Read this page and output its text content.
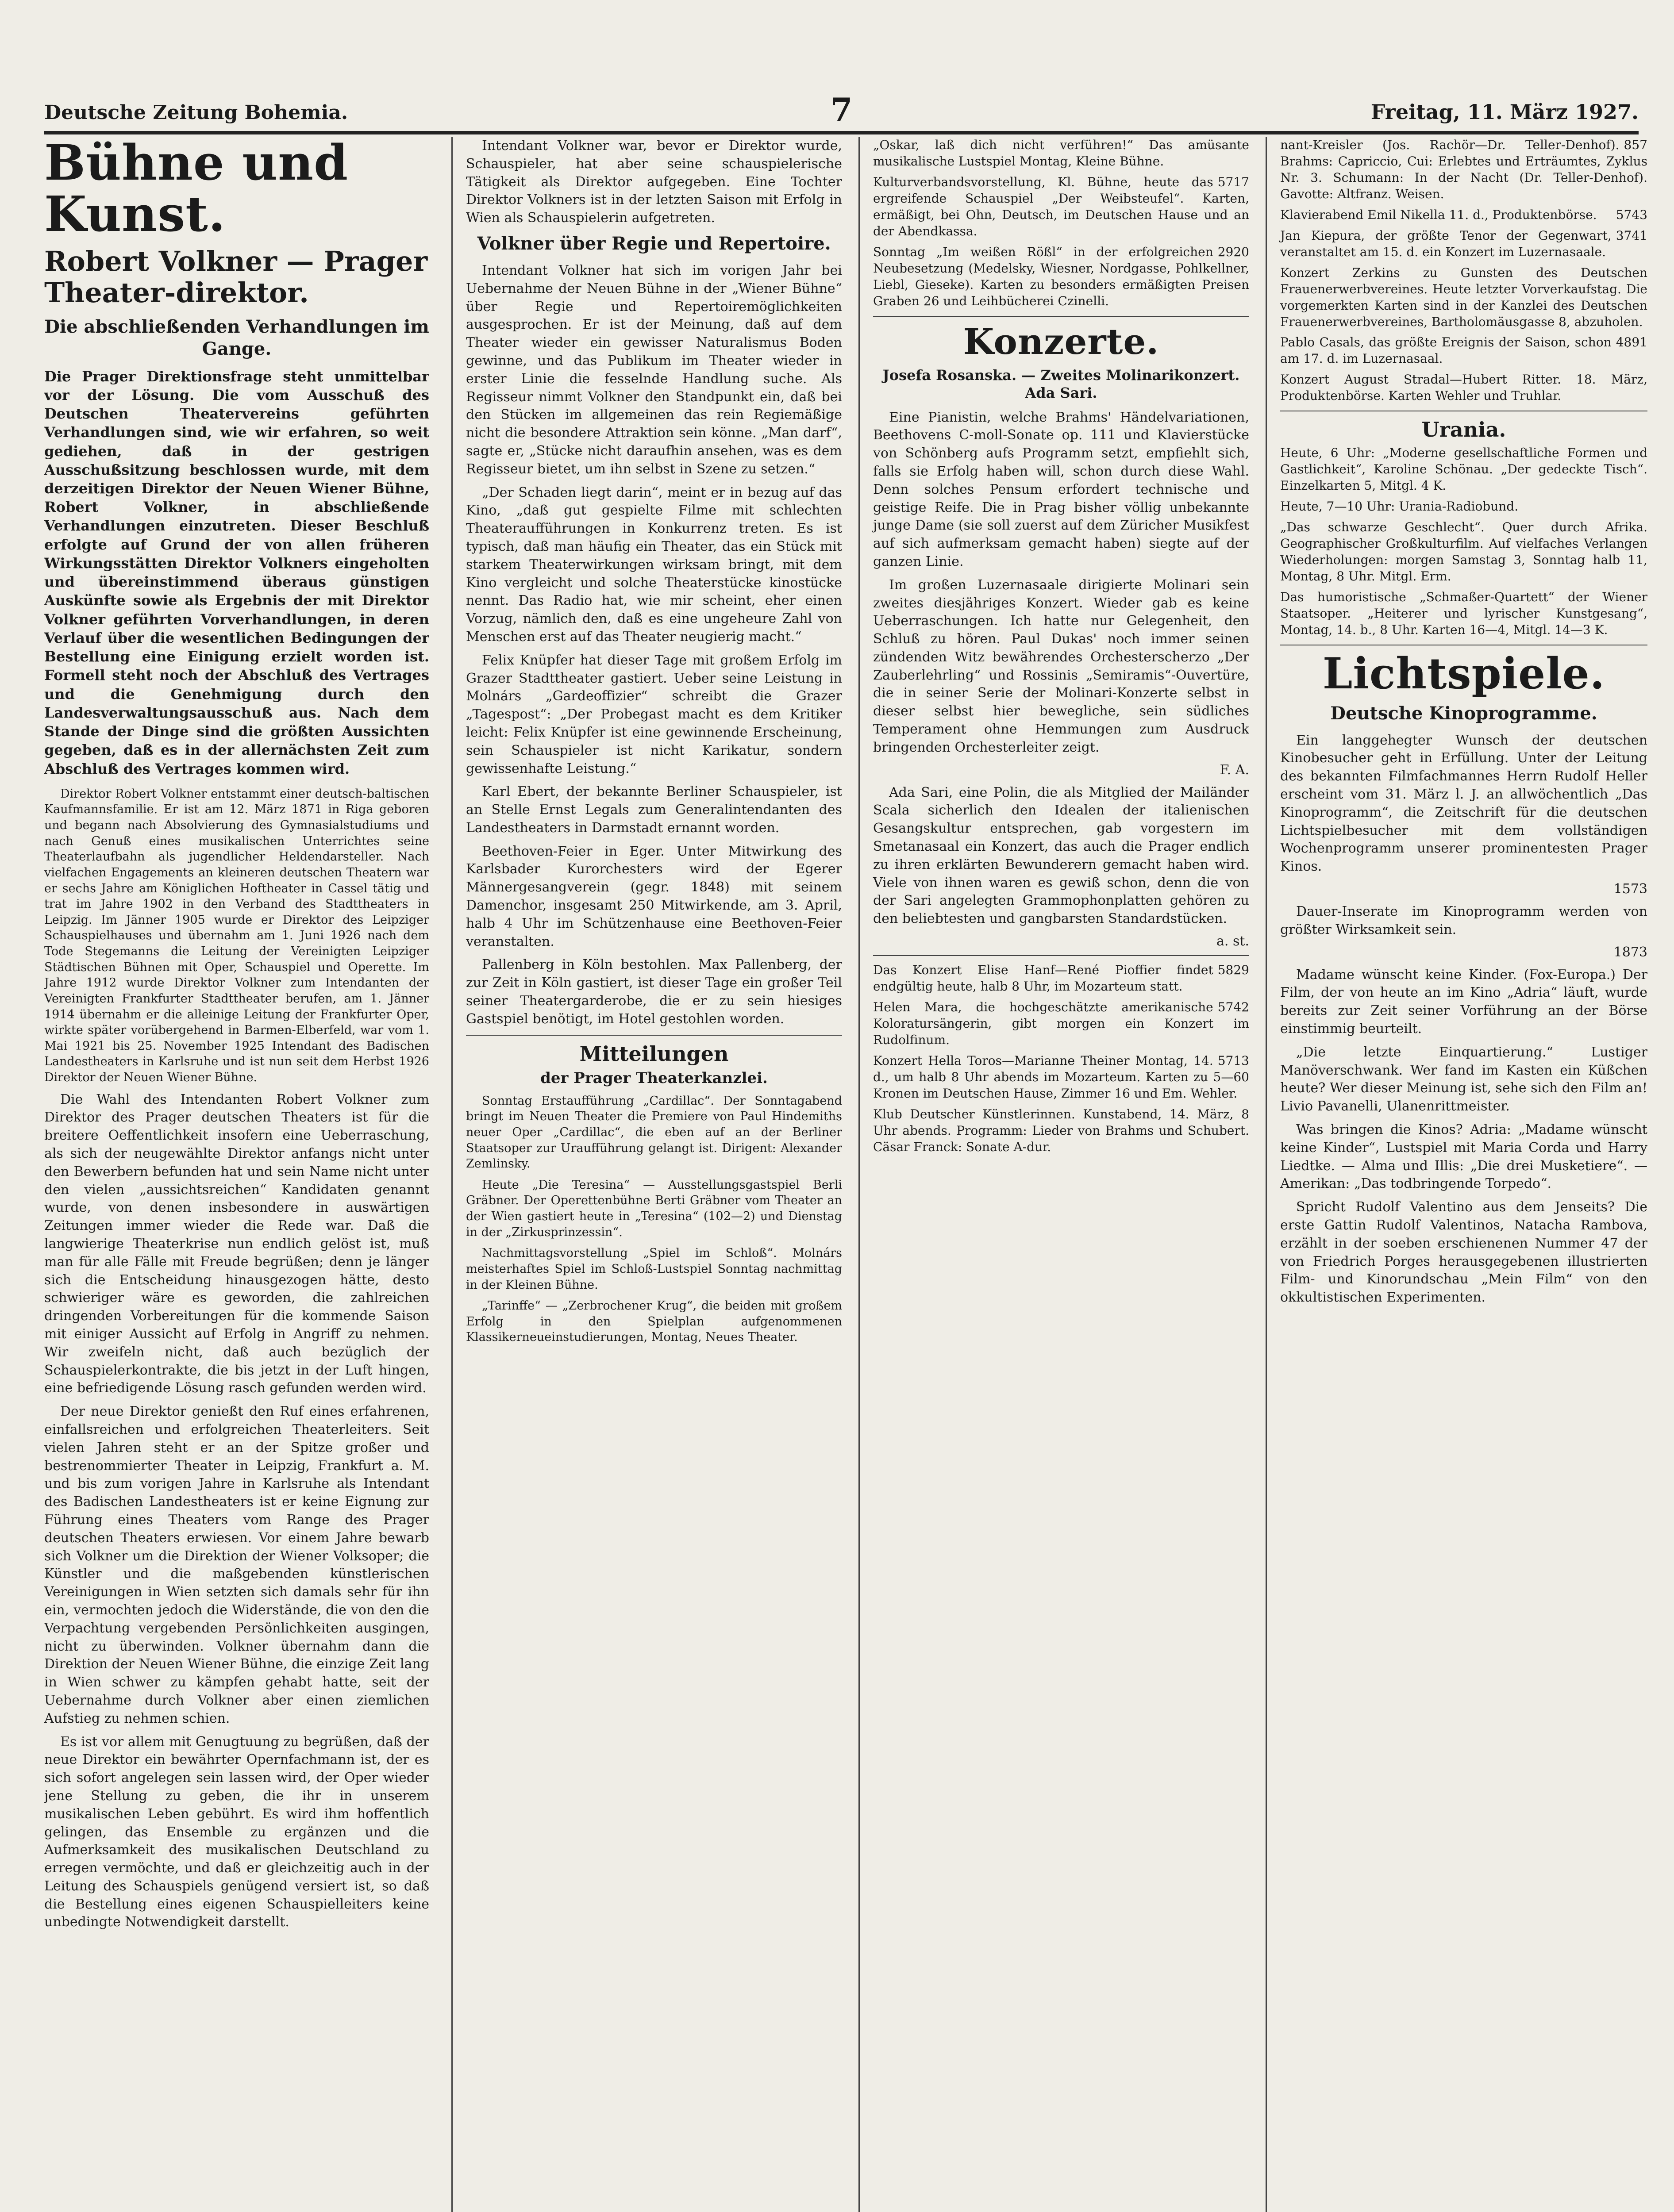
Deutsche Zeitung Bohemia.	7	Freitag, 11. März 1927.
Bühne und Kunst.
Robert Volkner — Prager Theater-direktor.
Die abschließenden Verhandlungen im Gange.
Die Prager Direktionsfrage steht unmittelbar vor der Lösung. Die vom Ausschuß des Deutschen Theatervereins geführten Verhandlungen sind, wie wir erfahren, so weit gediehen, daß in der gestrigen Ausschußsitzung beschlossen wurde, mit dem derzeitigen Direktor der Neuen Wiener Bühne, Robert Volkner, in abschließende Verhandlungen einzutreten. Dieser Beschluß erfolgte auf Grund der von allen früheren Wirkungsstätten Direktor Volkners eingeholten und übereinstimmend überaus günstigen Auskünfte sowie als Ergebnis der mit Direktor Volkner geführten Vorverhandlungen, in deren Verlauf über die wesentlichen Bedingungen der Bestellung eine Einigung erzielt worden ist. Formell steht noch der Abschluß des Vertrages und die Genehmigung durch den Landesverwaltungsausschuß aus. Nach dem Stande der Dinge sind die größten Aussichten gegeben, daß es in der allernächsten Zeit zum Abschluß des Vertrages kommen wird.
Direktor Robert Volkner entstammt einer deutsch-baltischen Kaufmannsfamilie. Er ist am 12. März 1871 in Riga geboren und begann nach Absolvierung des Gymnasialstudiums und nach Genuß eines musikalischen Unterrichtes seine Theaterlaufbahn als jugendlicher Heldendarsteller. Nach vielfachen Engagements an kleineren deutschen Theatern war er sechs Jahre am Königlichen Hoftheater in Cassel tätig und trat im Jahre 1902 in den Verband des Stadttheaters in Leipzig. Im Jänner 1905 wurde er Direktor des Leipziger Schauspielhauses und übernahm am 1. Juni 1926 nach dem Tode Stegemanns die Leitung der Vereinigten Leipziger Städtischen Bühnen mit Oper, Schauspiel und Operette. Im Jahre 1912 wurde Direktor Volkner zum Intendanten der Vereinigten Frankfurter Stadttheater berufen, am 1. Jänner 1914 übernahm er die alleinige Leitung der Frankfurter Oper, wirkte später vorübergehend in Barmen-Elberfeld, war vom 1. Mai 1921 bis 25. November 1925 Intendant des Badischen Landestheaters in Karlsruhe und ist nun seit dem Herbst 1926 Direktor der Neuen Wiener Bühne.
Die Wahl des Intendanten Robert Volkner zum Direktor des Prager deutschen Theaters ist für die breitere Oeffentlichkeit insofern eine Ueberraschung, als sich der neugewählte Direktor anfangs nicht unter den Bewerbern befunden hat und sein Name nicht unter den vielen „aussichtsreichen“ Kandidaten genannt wurde, von denen insbesondere in auswärtigen Zeitungen immer wieder die Rede war. Daß die langwierige Theaterkrise nun endlich gelöst ist, muß man für alle Fälle mit Freude begrüßen; denn je länger sich die Entscheidung hinausgezogen hätte, desto schwieriger wäre es geworden, die zahlreichen dringenden Vorbereitungen für die kommende Saison mit einiger Aussicht auf Erfolg in Angriff zu nehmen. Wir zweifeln nicht, daß auch bezüglich der Schauspielerkontrakte, die bis jetzt in der Luft hingen, eine befriedigende Lösung rasch gefunden werden wird.
Der neue Direktor genießt den Ruf eines erfahrenen, einfallsreichen und erfolgreichen Theaterleiters. Seit vielen Jahren steht er an der Spitze großer und bestrenommierter Theater in Leipzig, Frankfurt a. M. und bis zum vorigen Jahre in Karlsruhe als Intendant des Badischen Landestheaters ist er keine Eignung zur Führung eines Theaters vom Range des Prager deutschen Theaters erwiesen. Vor einem Jahre bewarb sich Volkner um die Direktion der Wiener Volksoper; die Künstler und die maßgebenden künstlerischen Vereinigungen in Wien setzten sich damals sehr für ihn ein, vermochten jedoch die Widerstände, die von den die Verpachtung vergebenden Persönlichkeiten ausgingen, nicht zu überwinden. Volkner übernahm dann die Direktion der Neuen Wiener Bühne, die einzige Zeit lang in Wien schwer zu kämpfen gehabt hatte, seit der Uebernahme durch Volkner aber einen ziemlichen Aufstieg zu nehmen schien.
Es ist vor allem mit Genugtuung zu begrüßen, daß der neue Direktor ein bewährter Opernfachmann ist, der es sich sofort angelegen sein lassen wird, der Oper wieder jene Stellung zu geben, die ihr in unserem musikalischen Leben gebührt. Es wird ihm hoffentlich gelingen, das Ensemble zu ergänzen und die Aufmerksamkeit des musikalischen Deutschland zu erregen vermöchte, und daß er gleichzeitig auch in der Leitung des Schauspiels genügend versiert ist, so daß die Bestellung eines eigenen Schauspielleiters keine unbedingte Notwendigkeit darstellt.
Intendant Volkner war, bevor er Direktor wurde, Schauspieler, hat aber seine schauspielerische Tätigkeit als Direktor aufgegeben. Eine Tochter Direktor Volkners ist in der letzten Saison mit Erfolg in Wien als Schauspielerin aufgetreten.
Volkner über Regie und Repertoire.
Intendant Volkner hat sich im vorigen Jahr bei Uebernahme der Neuen Bühne in der „Wiener Bühne“ über Regie und Repertoiremöglichkeiten ausgesprochen. Er ist der Meinung, daß auf dem Theater wieder ein gewisser Naturalismus Boden gewinne, und das Publikum im Theater wieder in erster Linie die fesselnde Handlung suche. Als Regisseur nimmt Volkner den Standpunkt ein, daß bei den Stücken im allgemeinen das rein Regiemäßige nicht die besondere Attraktion sein könne. „Man darf“, sagte er, „Stücke nicht daraufhin ansehen, was es dem Regisseur bietet, um ihn selbst in Szene zu setzen.“
„Der Schaden liegt darin“, meint er in bezug auf das Kino, „daß gut gespielte Filme mit schlechten Theateraufführungen in Konkurrenz treten. Es ist typisch, daß man häufig ein Theater, das ein Stück mit starkem Theaterwirkungen wirksam bringt, mit dem Kino vergleicht und solche Theaterstücke kinostücke nennt. Das Radio hat, wie mir scheint, eher einen Vorzug, nämlich den, daß es eine ungeheure Zahl von Menschen erst auf das Theater neugierig macht.“
Felix Knüpfer hat dieser Tage mit großem Erfolg im Grazer Stadttheater gastiert. Ueber seine Leistung in Molnárs „Gardeoffizier“ schreibt die Grazer „Tagespost“: „Der Probegast macht es dem Kritiker leicht: Felix Knüpfer ist eine gewinnende Erscheinung, sein Schauspieler ist nicht Karikatur, sondern gewissenhafte Leistung.“
Karl Ebert, der bekannte Berliner Schauspieler, ist an Stelle Ernst Legals zum Generalintendanten des Landestheaters in Darmstadt ernannt worden.
Beethoven-Feier in Eger. Unter Mitwirkung des Karlsbader Kurorchesters wird der Egerer Männergesangverein (gegr. 1848) mit seinem Damenchor, insgesamt 250 Mitwirkende, am 3. April, halb 4 Uhr im Schützenhause eine Beethoven-Feier veranstalten.
Pallenberg in Köln bestohlen. Max Pallenberg, der zur Zeit in Köln gastiert, ist dieser Tage ein großer Teil seiner Theatergarderobe, die er zu sein hiesiges Gastspiel benötigt, im Hotel gestohlen worden.
Mitteilungen
der Prager Theaterkanzlei.
Sonntag Erstaufführung „Cardillac“. Der Sonntagabend bringt im Neuen Theater die Premiere von Paul Hindemiths neuer Oper „Cardillac“, die eben auf an der Berliner Staatsoper zur Uraufführung gelangt ist. Dirigent: Alexander Zemlinsky.
Heute „Die Teresina“ — Ausstellungsgastspiel Berli Gräbner. Der Operettenbühne Berti Gräbner vom Theater an der Wien gastiert heute in „Teresina“ (102—2) und Dienstag in der „Zirkusprinzessin“.
Nachmittagsvorstellung „Spiel im Schloß“. Molnárs meisterhaftes Spiel im Schloß-Lustspiel Sonntag nachmittag in der Kleinen Bühne.
„Tarinffe“ — „Zerbrochener Krug“, die beiden mit großem Erfolg in den Spielplan aufgenommenen Klassikerneueinstudierungen, Montag, Neues Theater.
„Oskar, laß dich nicht verführen!“ Das amüsante musikalische Lustspiel Montag, Kleine Bühne.
5717
Kulturverbandsvorstellung, Kl. Bühne, heute das ergreifende Schauspiel „Der Weibsteufel“. Karten, ermäßigt, bei Ohn, Deutsch, im Deutschen Hause und an der Abendkassa.
2920
Sonntag „Im weißen Rößl“ in der erfolgreichen Neubesetzung (Medelsky, Wiesner, Nordgasse, Pohlkellner, Liebl, Gieseke). Karten zu besonders ermäßigten Preisen Graben 26 und Leihbücherei Czinelli.
Konzerte.
Josefa Rosanska. — Zweites Molinarikonzert. Ada Sari.
Eine Pianistin, welche Brahms' Händelvariationen, Beethovens C-moll-Sonate op. 111 und Klavierstücke von Schönberg aufs Programm setzt, empfiehlt sich, falls sie Erfolg haben will, schon durch diese Wahl. Denn solches Pensum erfordert technische und geistige Reife. Die in Prag bisher völlig unbekannte junge Dame (sie soll zuerst auf dem Züricher Musikfest auf sich aufmerksam gemacht haben) siegte auf der ganzen Linie.
Im großen Luzernasaale dirigierte Molinari sein zweites diesjähriges Konzert. Wieder gab es keine Ueberraschungen. Ich hatte nur Gelegenheit, den Schluß zu hören. Paul Dukas' noch immer seinen zündenden Witz bewährendes Orchesterscherzo „Der Zauberlehrling“ und Rossinis „Semiramis“-Ouvertüre, die in seiner Serie der Molinari-Konzerte selbst in dieser selbst hier bewegliche, sein südliches Temperament ohne Hemmungen zum Ausdruck bringenden Orchesterleiter zeigt.
F. A.
Ada Sari, eine Polin, die als Mitglied der Mailänder Scala sicherlich den Idealen der italienischen Gesangskultur entsprechen, gab vorgestern im Smetanasaal ein Konzert, das auch die Prager endlich zu ihren erklärten Bewunderern gemacht haben wird. Viele von ihnen waren es gewiß schon, denn die von der Sari angelegten Grammophonplatten gehören zu den beliebtesten und gangbarsten Standardstücken.
a. st.
5829
Das Konzert Elise Hanf—René Pioffier findet endgültig heute, halb 8 Uhr, im Mozarteum statt.
5742
Helen Mara, die hochgeschätzte amerikanische Koloratursängerin, gibt morgen ein Konzert im Rudolfinum.
5713
Konzert Hella Toros—Marianne Theiner Montag, 14. d., um halb 8 Uhr abends im Mozarteum. Karten zu 5—60 Kronen im Deutschen Hause, Zimmer 16 und Em. Wehler.
Klub Deutscher Künstlerinnen. Kunstabend, 14. März, 8 Uhr abends. Programm: Lieder von Brahms und Schubert. Cäsar Franck: Sonate A-dur.
857
nant-Kreisler (Jos. Rachör—Dr. Teller-Denhof). Brahms: Capriccio, Cui: Erlebtes und Erträumtes, Zyklus Nr. 3. Schumann: In der Nacht (Dr. Teller-Denhof). Gavotte: Altfranz. Weisen.
5743
Klavierabend Emil Nikella 11. d., Produktenbörse.
3741
Jan Kiepura, der größte Tenor der Gegenwart, veranstaltet am 15. d. ein Konzert im Luzernasaale.
Konzert Zerkins zu Gunsten des Deutschen Frauenerwerbvereines. Heute letzter Vorverkaufstag. Die vorgemerkten Karten sind in der Kanzlei des Deutschen Frauenerwerbvereines, Bartholomäusgasse 8, abzuholen.
4891
Pablo Casals, das größte Ereignis der Saison, schon am 17. d. im Luzernasaal.
Konzert August Stradal—Hubert Ritter. 18. März, Produktenbörse. Karten Wehler und Truhlar.
Urania.
Heute, 6 Uhr: „Moderne gesellschaftliche Formen und Gastlichkeit“, Karoline Schönau. „Der gedeckte Tisch“. Einzelkarten 5, Mitgl. 4 K.
Heute, 7—10 Uhr: Urania-Radiobund.
„Das schwarze Geschlecht“. Quer durch Afrika. Geographischer Großkulturfilm. Auf vielfaches Verlangen Wiederholungen: morgen Samstag 3, Sonntag halb 11, Montag, 8 Uhr. Mitgl. Erm.
Das humoristische „Schmaßer-Quartett“ der Wiener Staatsoper. „Heiterer und lyrischer Kunstgesang“, Montag, 14. b., 8 Uhr. Karten 16—4, Mitgl. 14—3 K.
Lichtspiele.
Deutsche Kinoprogramme.
Ein langgehegter Wunsch der deutschen Kinobesucher geht in Erfüllung. Unter der Leitung des bekannten Filmfachmannes Herrn Rudolf Heller erscheint vom 31. März l. J. an allwöchentlich „Das Kinoprogramm“, die Zeitschrift für die deutschen Lichtspielbesucher mit dem vollständigen Wochenprogramm unserer prominentesten Prager Kinos.
1573
Dauer-Inserate im Kinoprogramm werden von größter Wirksamkeit sein.
1873
Madame wünscht keine Kinder. (Fox-Europa.) Der Film, der von heute an im Kino „Adria“ läuft, wurde bereits zur Zeit seiner Vorführung an der Börse einstimmig beurteilt.
„Die letzte Einquartierung.“ Lustiger Manöverschwank. Wer fand im Kasten ein Küßchen heute? Wer dieser Meinung ist, sehe sich den Film an! Livio Pavanelli, Ulanenrittmeister.
Was bringen die Kinos? Adria: „Madame wünscht keine Kinder“, Lustspiel mit Maria Corda und Harry Liedtke. — Alma und Illis: „Die drei Musketiere“. — Amerikan: „Das todbringende Torpedo“.
Spricht Rudolf Valentino aus dem Jenseits? Die erste Gattin Rudolf Valentinos, Natacha Rambova, erzählt in der soeben erschienenen Nummer 47 der von Friedrich Porges herausgegebenen illustrierten Film- und Kinorundschau „Mein Film“ von den okkultistischen Experimenten.
